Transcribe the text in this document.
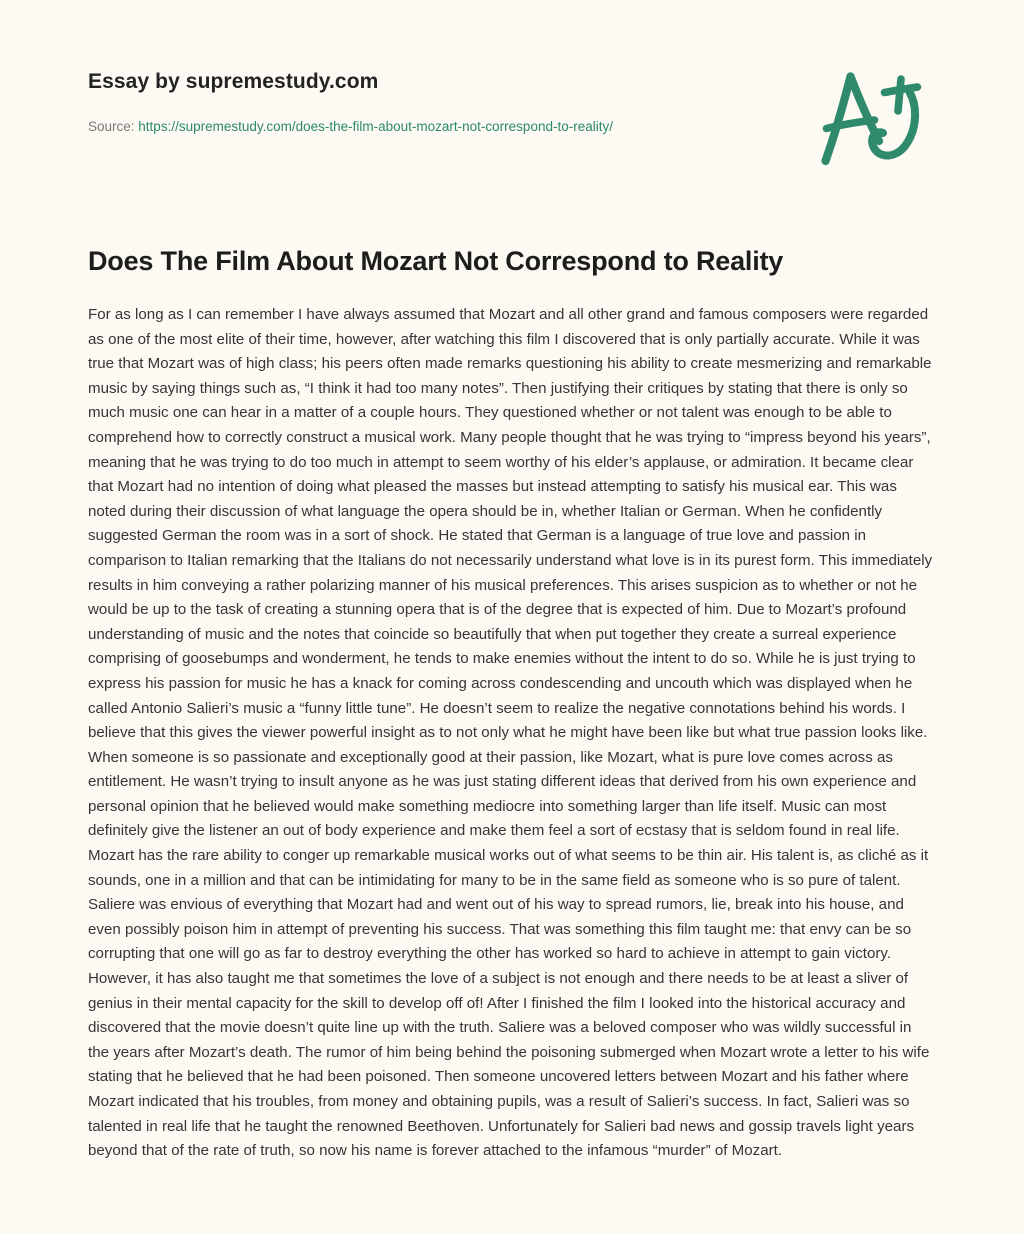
Essay by supremestudy.com
Source: https://supremestudy.com/does-the-film-about-mozart-not-correspond-to-reality/
Does The Film About Mozart Not Correspond to Reality

For as long as I can remember I have always assumed that Mozart and all other grand and famous composers were regarded as one of the most elite of their time, however, after watching this film I discovered that is only partially accurate. While it was true that Mozart was of high class; his peers often made remarks questioning his ability to create mesmerizing and remarkable music by saying things such as, “I think it had too many notes”. Then justifying their critiques by stating that there is only so much music one can hear in a matter of a couple hours. They questioned whether or not talent was enough to be able to comprehend how to correctly construct a musical work. Many people thought that he was trying to “impress beyond his years”, meaning that he was trying to do too much in attempt to seem worthy of his elder’s applause, or admiration. It became clear that Mozart had no intention of doing what pleased the masses but instead attempting to satisfy his musical ear. This was noted during their discussion of what language the opera should be in, whether Italian or German. When he confidently suggested German the room was in a sort of shock. He stated that German is a language of true love and passion in comparison to Italian remarking that the Italians do not necessarily understand what love is in its purest form. This immediately results in him conveying a rather polarizing manner of his musical preferences. This arises suspicion as to whether or not he would be up to the task of creating a stunning opera that is of the degree that is expected of him. Due to Mozart’s profound understanding of music and the notes that coincide so beautifully that when put together they create a surreal experience comprising of goosebumps and wonderment, he tends to make enemies without the intent to do so. While he is just trying to express his passion for music he has a knack for coming across condescending and uncouth which was displayed when he called Antonio Salieri’s music a “funny little tune”. He doesn’t seem to realize the negative connotations behind his words. I believe that this gives the viewer powerful insight as to not only what he might have been like but what true passion looks like. When someone is so passionate and exceptionally good at their passion, like Mozart, what is pure love comes across as entitlement. He wasn’t trying to insult anyone as he was just stating different ideas that derived from his own experience and personal opinion that he believed would make something mediocre into something larger than life itself. Music can most definitely give the listener an out of body experience and make them feel a sort of ecstasy that is seldom found in real life. Mozart has the rare ability to conger up remarkable musical works out of what seems to be thin air. His talent is, as cliché as it sounds, one in a million and that can be intimidating for many to be in the same field as someone who is so pure of talent. Saliere was envious of everything that Mozart had and went out of his way to spread rumors, lie, break into his house, and even possibly poison him in attempt of preventing his success. That was something this film taught me: that envy can be so corrupting that one will go as far to destroy everything the other has worked so hard to achieve in attempt to gain victory. However, it has also taught me that sometimes the love of a subject is not enough and there needs to be at least a sliver of genius in their mental capacity for the skill to develop off of! After I finished the film I looked into the historical accuracy and discovered that the movie doesn’t quite line up with the truth. Saliere was a beloved composer who was wildly successful in the years after Mozart’s death. The rumor of him being behind the poisoning submerged when Mozart wrote a letter to his wife stating that he believed that he had been poisoned. Then someone uncovered letters between Mozart and his father where Mozart indicated that his troubles, from money and obtaining pupils, was a result of Salieri’s success. In fact, Salieri was so talented in real life that he taught the renowned Beethoven. Unfortunately for Salieri bad news and gossip travels light years beyond that of the rate of truth, so now his name is forever attached to the infamous “murder” of Mozart.
